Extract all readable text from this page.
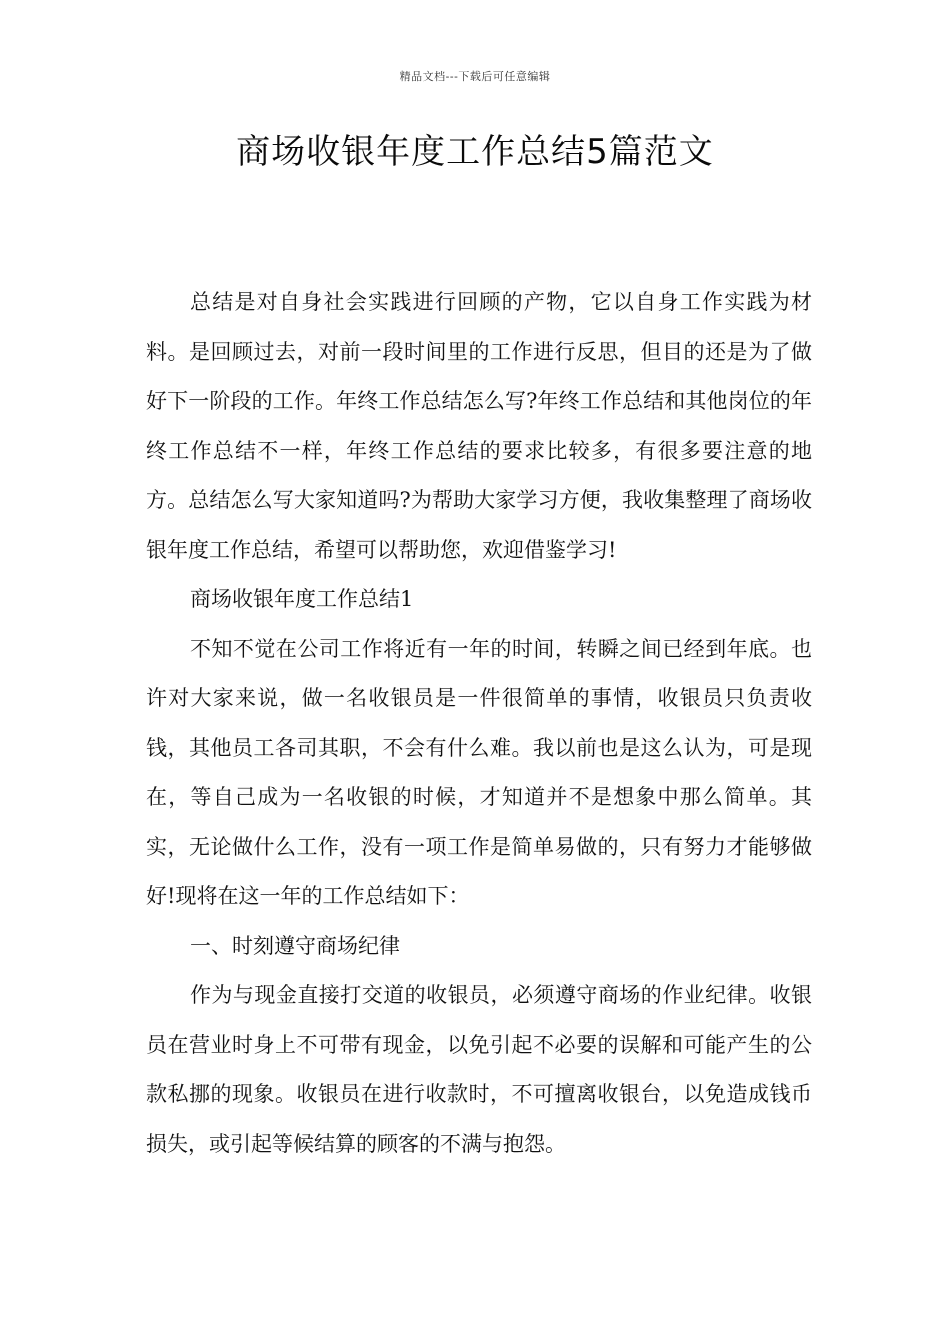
精品文档---下载后可任意编辑
商场收银年度工作总结5篇范文

总结是对自身社会实践进行回顾的产物，它以自身工作实践为材料。是回顾过去，对前一段时间里的工作进行反思，但目的还是为了做好下一阶段的工作。年终工作总结怎么写?年终工作总结和其他岗位的年终工作总结不一样，年终工作总结的要求比较多，有很多要注意的地方。总结怎么写大家知道吗?为帮助大家学习方便，我收集整理了商场收银年度工作总结，希望可以帮助您，欢迎借鉴学习!

商场收银年度工作总结1

不知不觉在公司工作将近有一年的时间，转瞬之间已经到年底。也许对大家来说，做一名收银员是一件很简单的事情，收银员只负责收钱，其他员工各司其职，不会有什么难。我以前也是这么认为，可是现在，等自己成为一名收银的时候，才知道并不是想象中那么简单。其实，无论做什么工作，没有一项工作是简单易做的，只有努力才能够做好!现将在这一年的工作总结如下：

一、时刻遵守商场纪律

作为与现金直接打交道的收银员，必须遵守商场的作业纪律。收银员在营业时身上不可带有现金，以免引起不必要的误解和可能产生的公款私挪的现象。收银员在进行收款时，不可擅离收银台，以免造成钱币损失，或引起等候结算的顾客的不满与抱怨。
